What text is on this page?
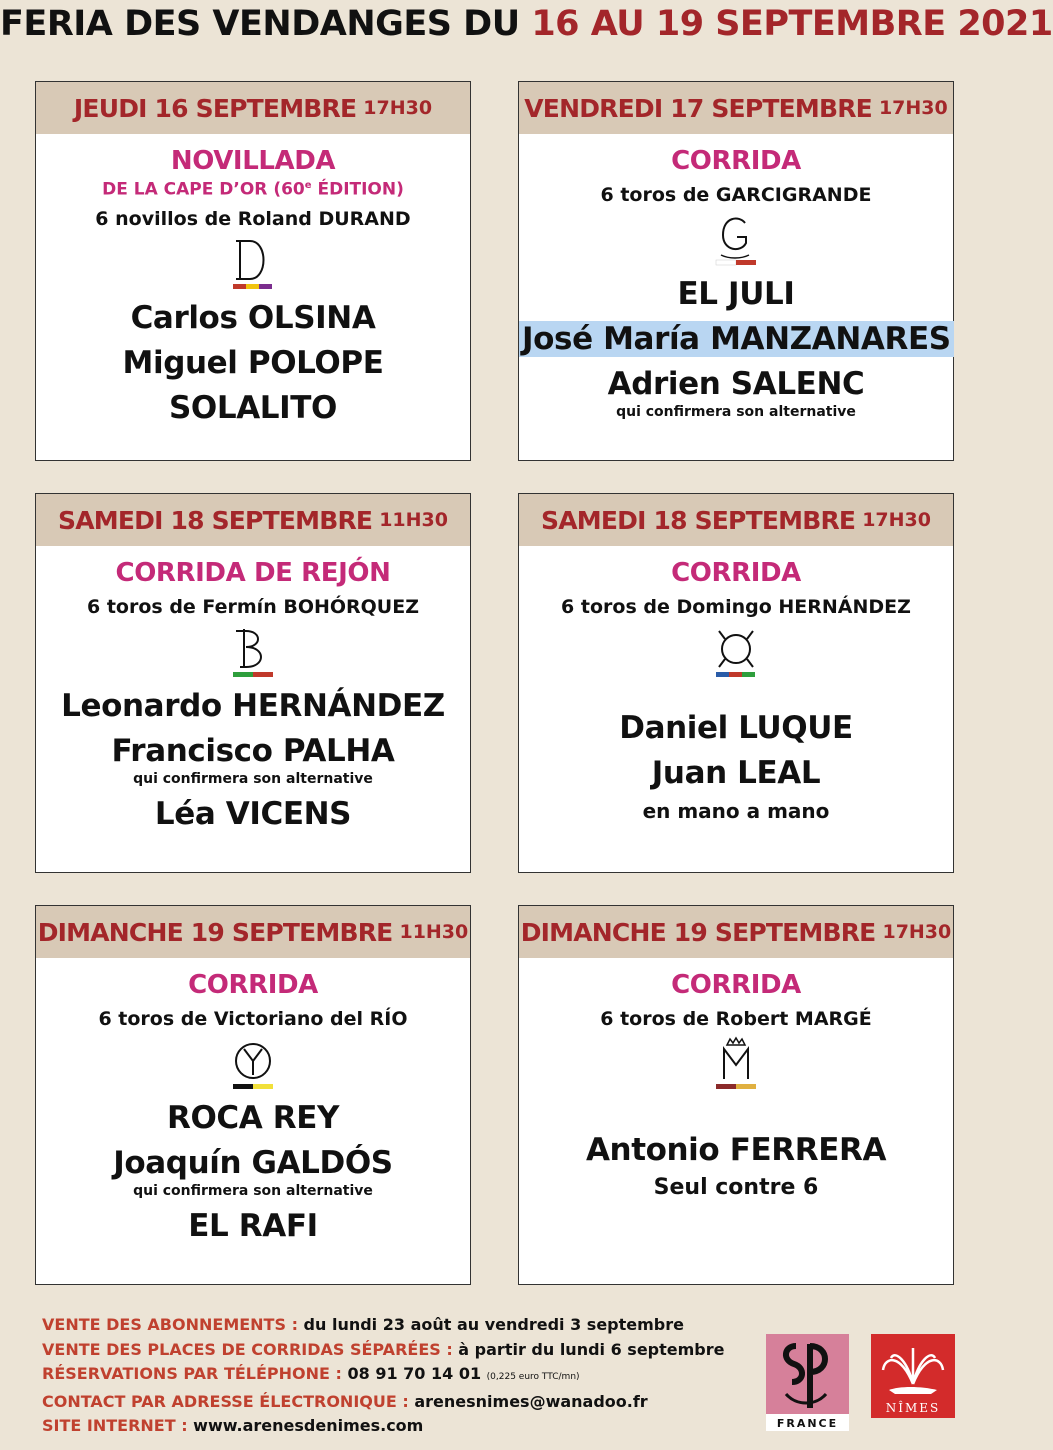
FERIA DES VENDANGES DU 16 AU 19 SEPTEMBRE 2021
JEUDI 16 SEPTEMBRE 17H30
NOVILLADA
DE LA CAPE D’OR (60e ÉDITION)
6 novillos de Roland DURAND
Carlos OLSINA
Miguel POLOPE
SOLALITO
VENDREDI 17 SEPTEMBRE 17H30
CORRIDA
6 toros de GARCIGRANDE
EL JULI
José María MANZANARES
Adrien SALENC
qui confirmera son alternative
SAMEDI 18 SEPTEMBRE 11H30
CORRIDA DE REJÓN
6 toros de Fermín BOHÓRQUEZ
Leonardo HERNÁNDEZ
Francisco PALHA
qui confirmera son alternative
Léa VICENS
SAMEDI 18 SEPTEMBRE 17H30
CORRIDA
6 toros de Domingo HERNÁNDEZ
Daniel LUQUE
Juan LEAL
en mano a mano
DIMANCHE 19 SEPTEMBRE 11H30
CORRIDA
6 toros de Victoriano del RÍO
ROCA REY
Joaquín GALDÓS
qui confirmera son alternative
EL RAFI
DIMANCHE 19 SEPTEMBRE 17H30
CORRIDA
6 toros de Robert MARGÉ
Antonio FERRERA
Seul contre 6
VENTE DES ABONNEMENTS : du lundi 23 août au vendredi 3 septembre
VENTE DES PLACES DE CORRIDAS SÉPARÉES : à partir du lundi 6 septembre
RÉSERVATIONS PAR TÉLÉPHONE : 08 91 70 14 01 (0,225 euro TTC/mn)
CONTACT PAR ADRESSE ÉLECTRONIQUE : arenesnimes@wanadoo.fr
SITE INTERNET : www.arenesdenimes.com	FRANCE
NÎMES
